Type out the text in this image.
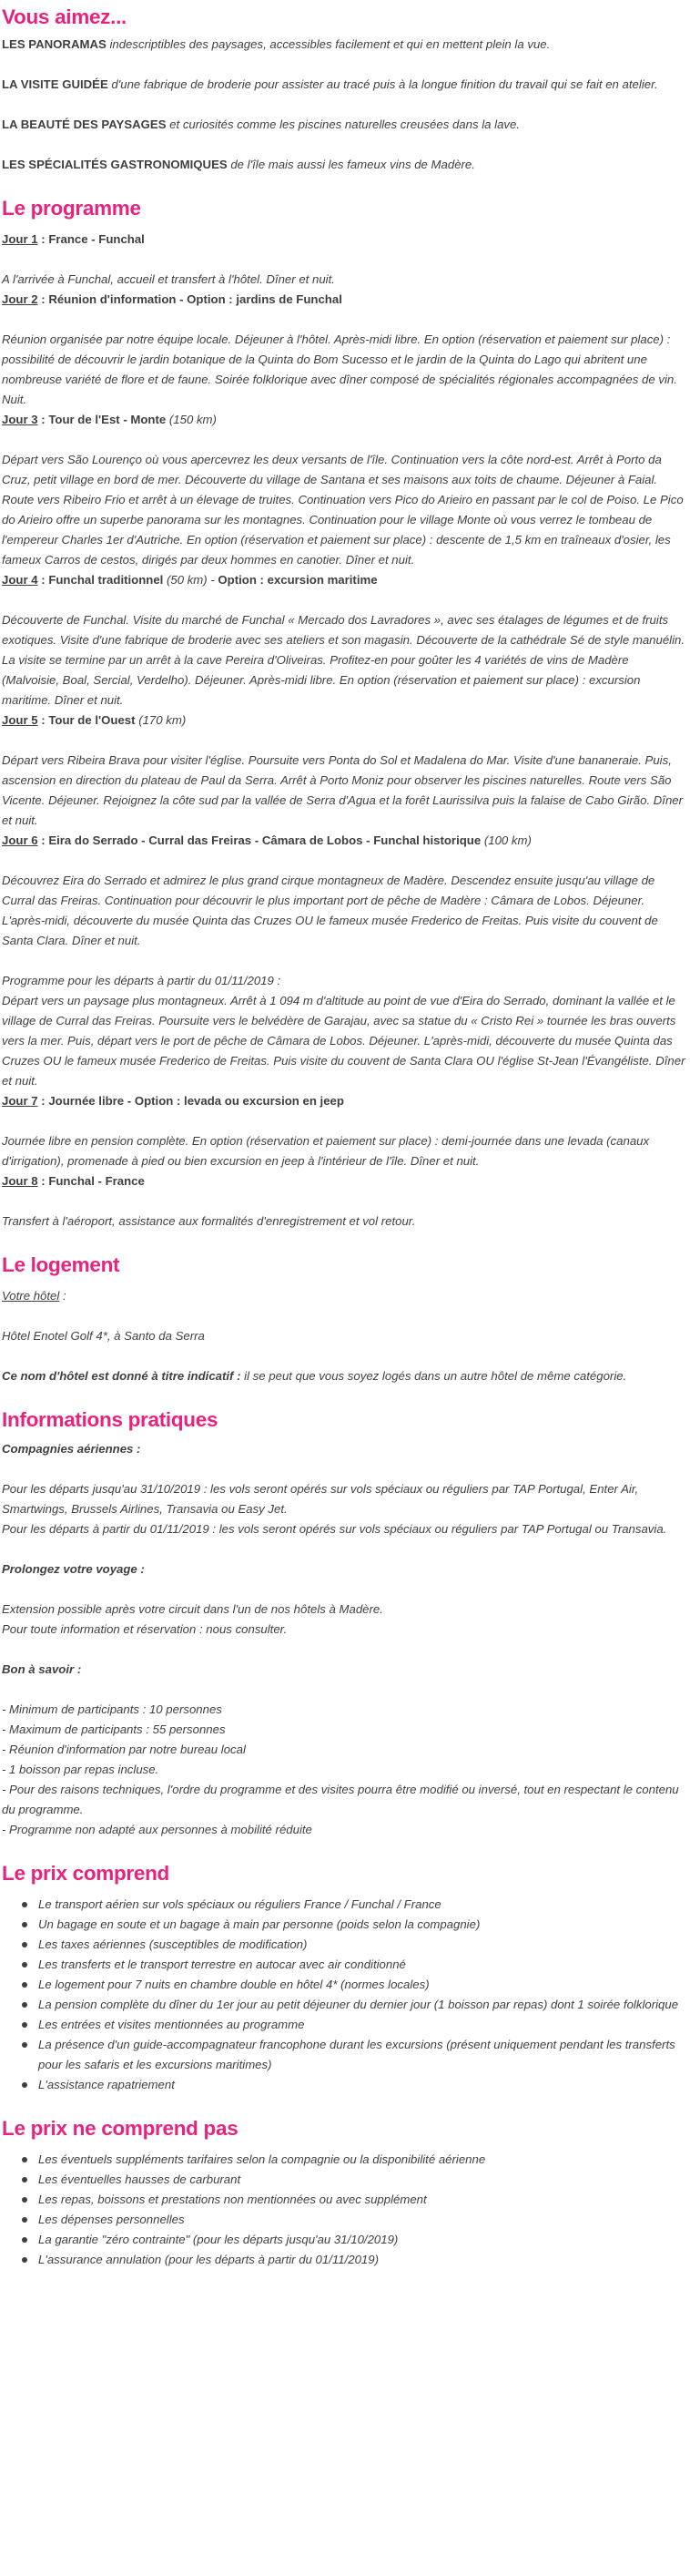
Vous aimez...

LES PANORAMAS indescriptibles des paysages, accessibles facilement et qui en mettent plein la vue.

LA VISITE GUIDÉE d'une fabrique de broderie pour assister au tracé puis à la longue finition du travail qui se fait en atelier.

LA BEAUTÉ DES PAYSAGES et curiosités comme les piscines naturelles creusées dans la lave.

LES SPÉCIALITÉS GASTRONOMIQUES de l'île mais aussi les fameux vins de Madère.

Le programme

Jour 1 : France - Funchal

A l'arrivée à Funchal, accueil et transfert à l'hôtel. Dîner et nuit.

Jour 2 : Réunion d'information - Option : jardins de Funchal

Réunion organisée par notre équipe locale. Déjeuner à l'hôtel. Après-midi libre. En option (réservation et paiement sur place) : possibilité de découvrir le jardin botanique de la Quinta do Bom Sucesso et le jardin de la Quinta do Lago qui abritent une nombreuse variété de flore et de faune. Soirée folklorique avec dîner composé de spécialités régionales accompagnées de vin. Nuit.

Jour 3 : Tour de l'Est - Monte (150 km)

Départ vers São Lourenço où vous apercevrez les deux versants de l'île. Continuation vers la côte nord-est. Arrêt à Porto da Cruz, petit village en bord de mer. Découverte du village de Santana et ses maisons aux toits de chaume. Déjeuner à Faial. Route vers Ribeiro Frio et arrêt à un élevage de truites. Continuation vers Pico do Arieiro en passant par le col de Poiso. Le Pico do Arieiro offre un superbe panorama sur les montagnes. Continuation pour le village Monte où vous verrez le tombeau de l'empereur Charles 1er d'Autriche. En option (réservation et paiement sur place) : descente de 1,5 km en traîneaux d'osier, les fameux Carros de cestos, dirigés par deux hommes en canotier. Dîner et nuit.

Jour 4 : Funchal traditionnel (50 km) - Option : excursion maritime

Découverte de Funchal. Visite du marché de Funchal « Mercado dos Lavradores », avec ses étalages de légumes et de fruits exotiques. Visite d'une fabrique de broderie avec ses ateliers et son magasin. Découverte de la cathédrale Sé de style manuélin. La visite se termine par un arrêt à la cave Pereira d'Oliveiras. Profitez-en pour goûter les 4 variétés de vins de Madère (Malvoisie, Boal, Sercial, Verdelho). Déjeuner. Après-midi libre. En option (réservation et paiement sur place) : excursion maritime. Dîner et nuit.

Jour 5 : Tour de l'Ouest (170 km)

Départ vers Ribeira Brava pour visiter l'église. Poursuite vers Ponta do Sol et Madalena do Mar. Visite d'une bananeraie. Puis, ascension en direction du plateau de Paul da Serra. Arrêt à Porto Moniz pour observer les piscines naturelles. Route vers São Vicente. Déjeuner. Rejoignez la côte sud par la vallée de Serra d'Agua et la forêt Laurissilva puis la falaise de Cabo Girão. Dîner et nuit.

Jour 6 : Eira do Serrado - Curral das Freiras - Câmara de Lobos - Funchal historique (100 km)

Découvrez Eira do Serrado et admirez le plus grand cirque montagneux de Madère. Descendez ensuite jusqu'au village de Curral das Freiras. Continuation pour découvrir le plus important port de pêche de Madère : Câmara de Lobos. Déjeuner. L'après-midi, découverte du musée Quinta das Cruzes OU le fameux musée Frederico de Freitas. Puis visite du couvent de Santa Clara. Dîner et nuit.

Programme pour les départs à partir du 01/11/2019 :

Départ vers un paysage plus montagneux. Arrêt à 1 094 m d'altitude au point de vue d'Eira do Serrado, dominant la vallée et le village de Curral das Freiras. Poursuite vers le belvédère de Garajau, avec sa statue du « Cristo Rei » tournée les bras ouverts vers la mer. Puis, départ vers le port de pêche de Câmara de Lobos. Déjeuner. L'après-midi, découverte du musée Quinta das Cruzes OU le fameux musée Frederico de Freitas. Puis visite du couvent de Santa Clara OU l'église St-Jean l'Évangéliste. Dîner et nuit.

Jour 7 : Journée libre - Option : levada ou excursion en jeep

Journée libre en pension complète. En option (réservation et paiement sur place) : demi-journée dans une levada (canaux d'irrigation), promenade à pied ou bien excursion en jeep à l'intérieur de l'île. Dîner et nuit.

Jour 8 : Funchal - France

Transfert à l'aéroport, assistance aux formalités d'enregistrement et vol retour.

Le logement

Votre hôtel :

Hôtel Enotel Golf 4*, à Santo da Serra

Ce nom d'hôtel est donné à titre indicatif : il se peut que vous soyez logés dans un autre hôtel de même catégorie.

Informations pratiques

Compagnies aériennes :

Pour les départs jusqu'au 31/10/2019 : les vols seront opérés sur vols spéciaux ou réguliers par TAP Portugal, Enter Air, Smartwings, Brussels Airlines, Transavia ou Easy Jet.

Pour les départs à partir du 01/11/2019 : les vols seront opérés sur vols spéciaux ou réguliers par TAP Portugal ou Transavia.

Prolongez votre voyage :

Extension possible après votre circuit dans l'un de nos hôtels à Madère.

Pour toute information et réservation : nous consulter.

Bon à savoir :

- Minimum de participants : 10 personnes

- Maximum de participants : 55 personnes

- Réunion d'information par notre bureau local

- 1 boisson par repas incluse.

- Pour des raisons techniques, l'ordre du programme et des visites pourra être modifié ou inversé, tout en respectant le contenu du programme.

- Programme non adapté aux personnes à mobilité réduite

Le prix comprend
Le transport aérien sur vols spéciaux ou réguliers France / Funchal / France
Un bagage en soute et un bagage à main par personne (poids selon la compagnie)
Les taxes aériennes (susceptibles de modification)
Les transferts et le transport terrestre en autocar avec air conditionné
Le logement pour 7 nuits en chambre double en hôtel 4* (normes locales)
La pension complète du dîner du 1er jour au petit déjeuner du dernier jour (1 boisson par repas) dont 1 soirée folklorique
Les entrées et visites mentionnées au programme
La présence d'un guide-accompagnateur francophone durant les excursions (présent uniquement pendant les transferts pour les safaris et les excursions maritimes)
L'assistance rapatriement
Le prix ne comprend pas
Les éventuels suppléments tarifaires selon la compagnie ou la disponibilité aérienne
Les éventuelles hausses de carburant
Les repas, boissons et prestations non mentionnées ou avec supplément
Les dépenses personnelles
La garantie "zéro contrainte" (pour les départs jusqu'au 31/10/2019)
L'assurance annulation (pour les départs à partir du 01/11/2019)
